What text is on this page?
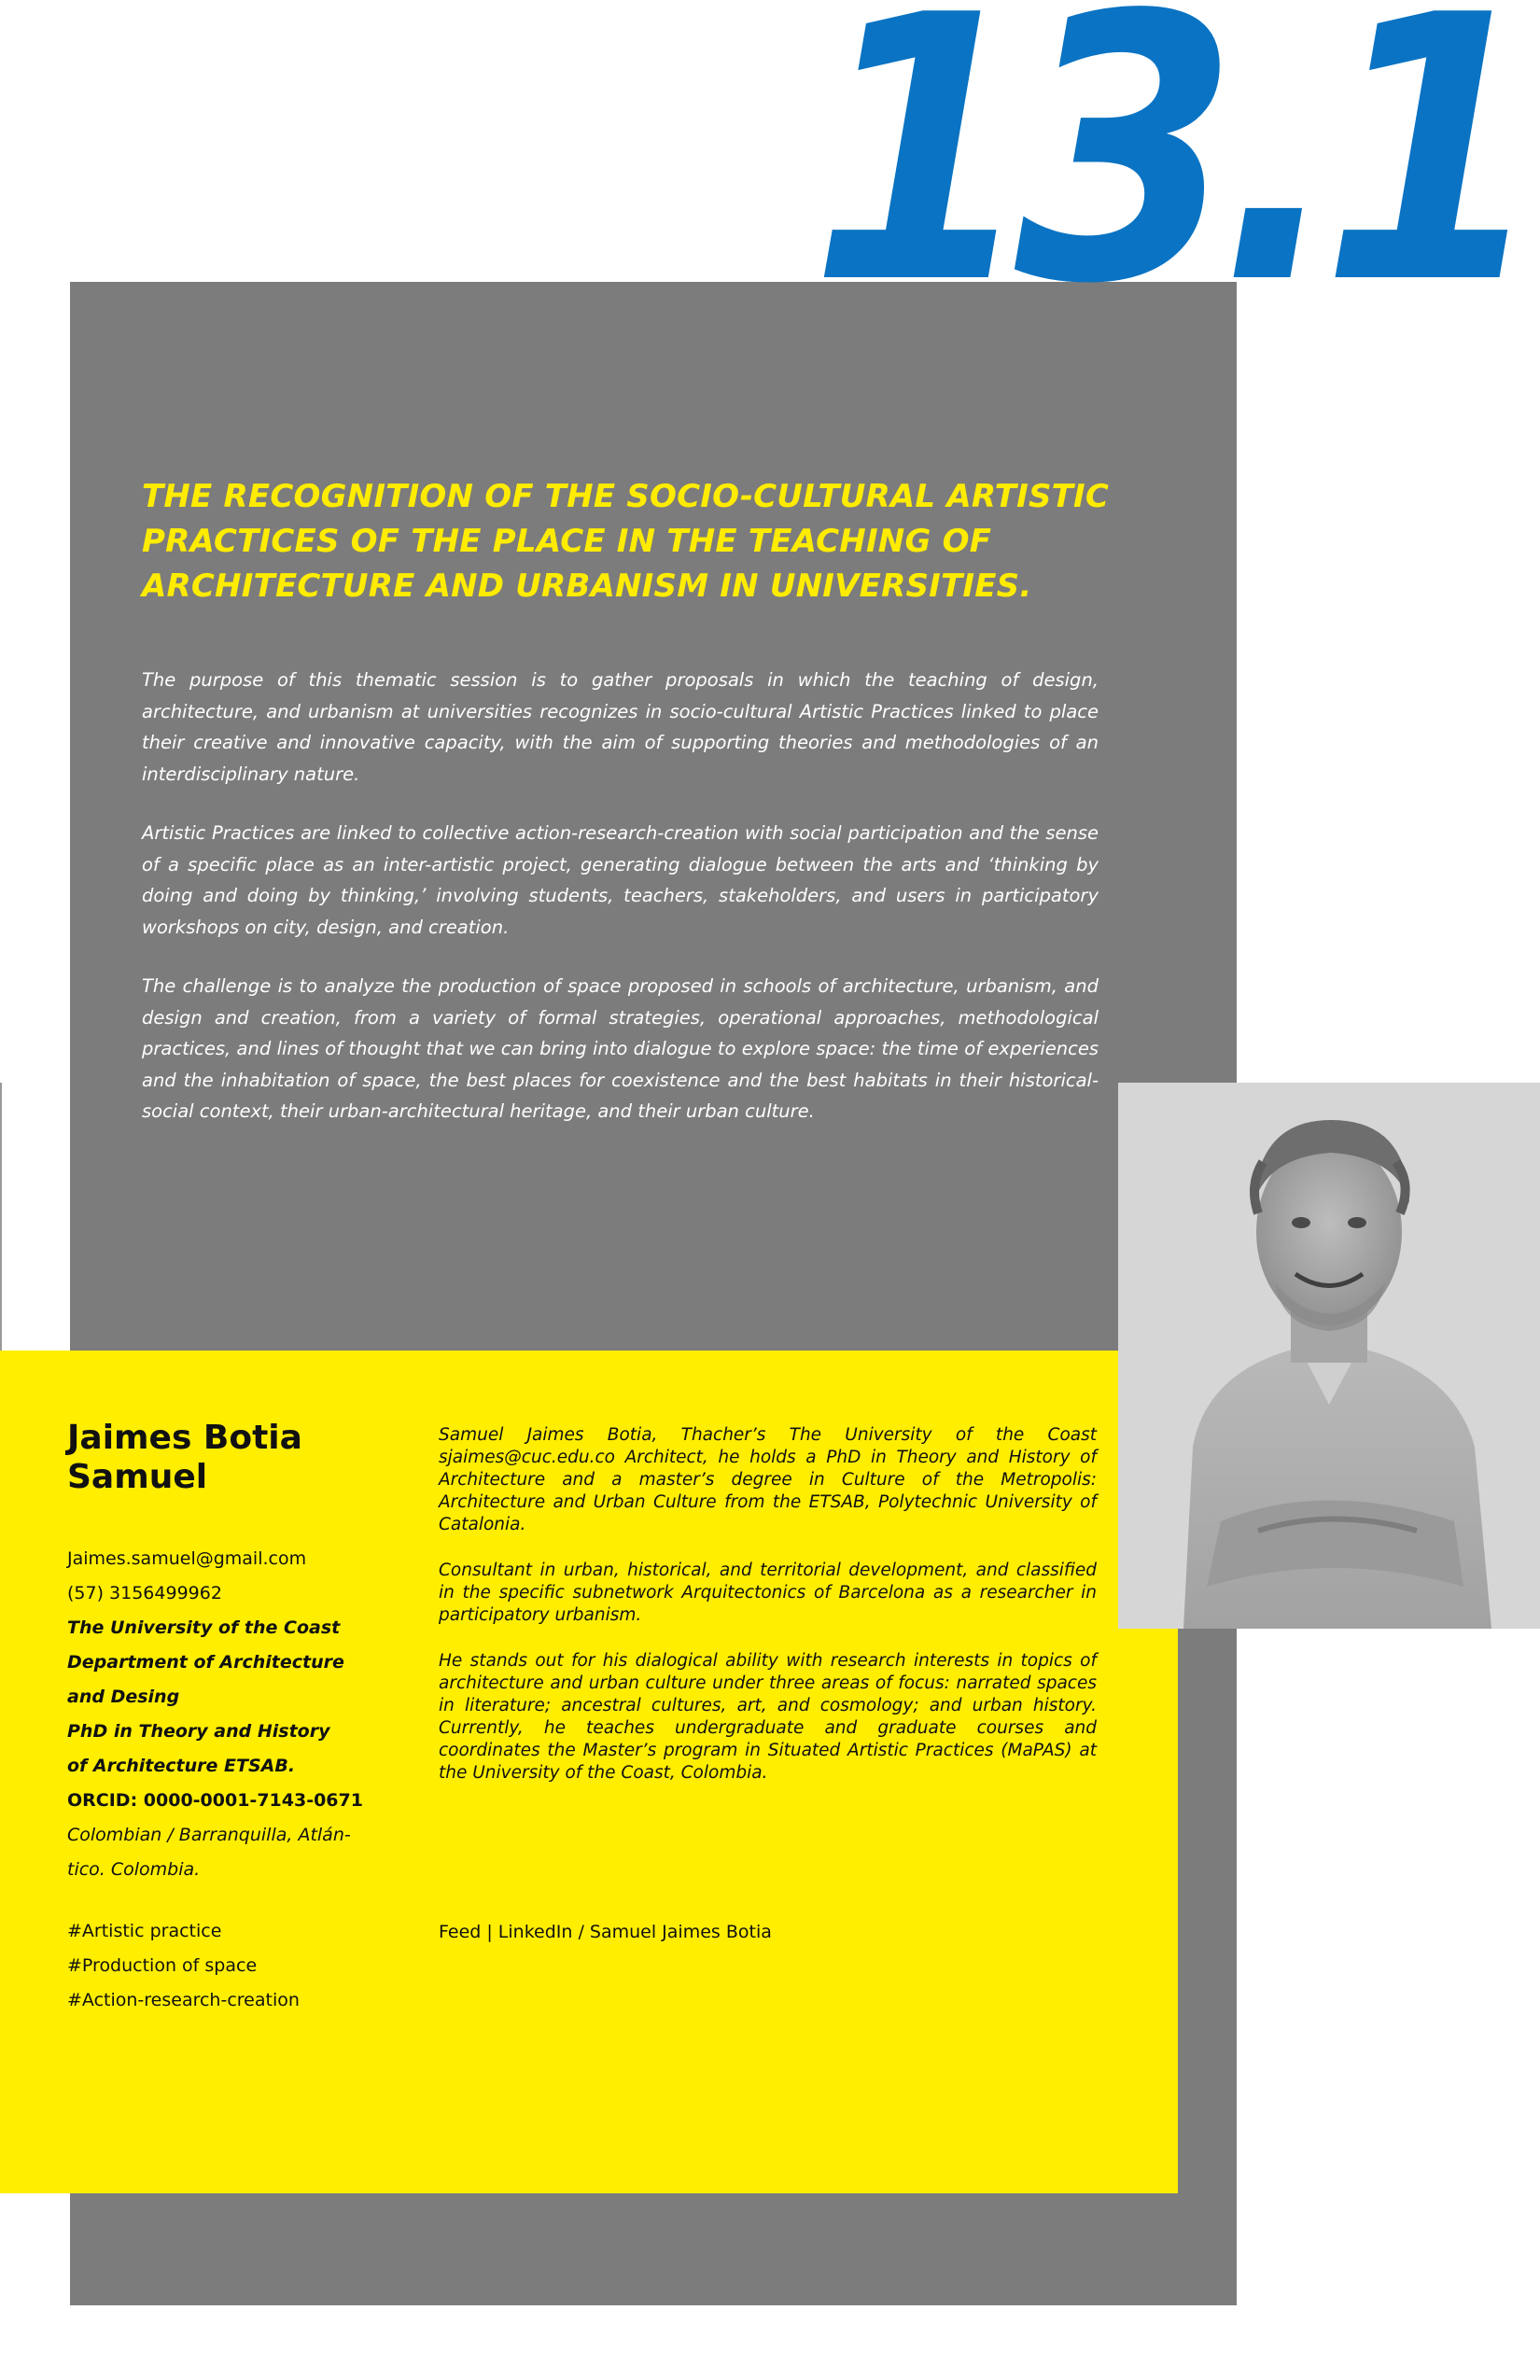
13.1
THE RECOGNITION OF THE SOCIO-CULTURAL ARTISTIC PRACTICES OF THE PLACE IN THE TEACHING OF ARCHITECTURE AND URBANISM IN UNIVERSITIES.

The purpose of this thematic session is to gather proposals in which the teaching of design, architecture, and urbanism at universities recognizes in socio-cultural Artistic Practices linked to place their creative and innovative capacity, with the aim of supporting theories and methodologies of an interdisciplinary nature.

Artistic Practices are linked to collective action-research-creation with social participation and the sense of a specific place as an inter-artistic project, generating dialogue between the arts and ‘thinking by doing and doing by thinking,’ involving students, teachers, stakeholders, and users in participatory workshops on city, design, and creation.

The challenge is to analyze the production of space proposed in schools of architecture, urbanism, and design and creation, from a variety of formal strategies, operational approaches, methodological practices, and lines of thought that we can bring into dialogue to explore space: the time of experiences and the inhabitation of space, the best places for coexistence and the best habitats in their historical-social context, their urban-architectural heritage, and their urban culture.

Jaimes Botia Samuel
Jaimes.samuel@gmail.com
(57) 3156499962
The University of the Coast
Department of Architecture
and Desing
PhD in Theory and History
of Architecture ETSAB.
ORCID: 0000-0001-7143-0671
Colombian / Barranquilla, Atlán-
tico. Colombia.
#Artistic practice
#Production of space
#Action-research-creation

Samuel Jaimes Botia, Thacher’s The University of the Coast sjaimes@cuc.edu.co Architect, he holds a PhD in Theory and History of Architecture and a master’s degree in Culture of the Metropolis: Architecture and Urban Culture from the ETSAB, Polytechnic University of Catalonia.

Consultant in urban, historical, and territorial development, and classified in the specific subnetwork Arquitectonics of Barcelona as a researcher in participatory urbanism.

He stands out for his dialogical ability with research interests in topics of architecture and urban culture under three areas of focus: narrated spaces in literature; ancestral cultures, art, and cosmology; and urban history. Currently, he teaches undergraduate and graduate courses and coordinates the Master’s program in Situated Artistic Practices (MaPAS) at the University of the Coast, Colombia.

Feed | LinkedIn / Samuel Jaimes Botia
